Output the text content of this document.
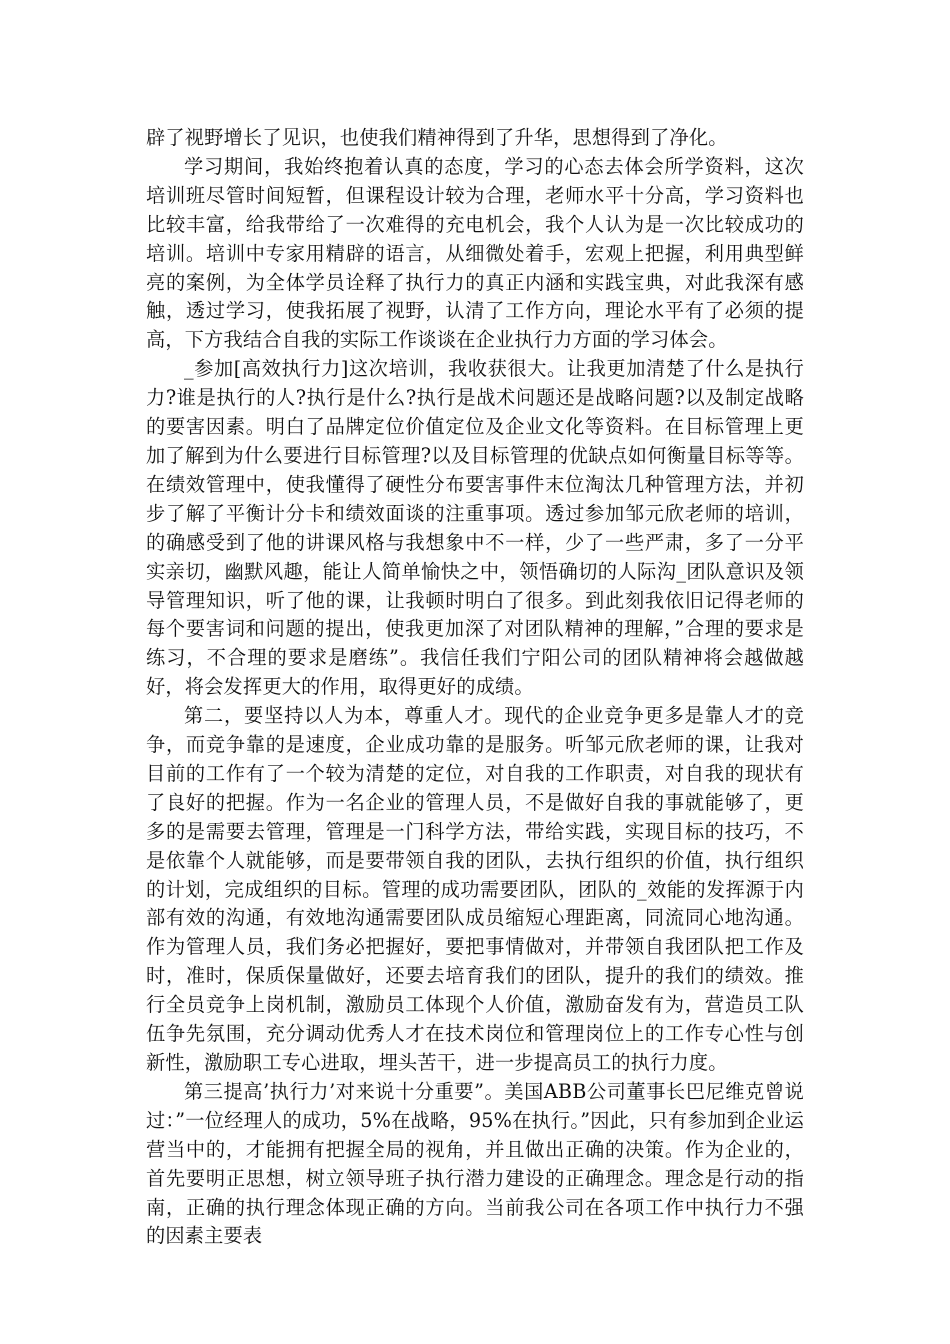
辟了视野增长了见识，也使我们精神得到了升华，思想得到了净化。

学习期间，我始终抱着认真的态度，学习的心态去体会所学资料，这次培训班尽管时间短暂，但课程设计较为合理，老师水平十分高，学习资料也比较丰富，给我带给了一次难得的充电机会，我个人认为是一次比较成功的培训。培训中专家用精辟的语言，从细微处着手，宏观上把握，利用典型鲜亮的案例，为全体学员诠释了执行力的真正内涵和实践宝典，对此我深有感触，透过学习，使我拓展了视野，认清了工作方向，理论水平有了必须的提高，下方我结合自我的实际工作谈谈在企业执行力方面的学习体会。

_参加[高效执行力]这次培训，我收获很大。让我更加清楚了什么是执行力?谁是执行的人?执行是什么?执行是战术问题还是战略问题?以及制定战略的要害因素。明白了品牌定位价值定位及企业文化等资料。在目标管理上更加了解到为什么要进行目标管理?以及目标管理的优缺点如何衡量目标等等。在绩效管理中，使我懂得了硬性分布要害事件末位淘汰几种管理方法，并初步了解了平衡计分卡和绩效面谈的注重事项。透过参加邹元欣老师的培训，的确感受到了他的讲课风格与我想象中不一样，少了一些严肃，多了一分平实亲切，幽默风趣，能让人简单愉快之中，领悟确切的人际沟_团队意识及领导管理知识，听了他的课，让我顿时明白了很多。到此刻我依旧记得老师的每个要害词和问题的提出，使我更加深了对团队精神的理解，”合理的要求是练习，不合理的要求是磨练”。我信任我们宁阳公司的团队精神将会越做越好，将会发挥更大的作用，取得更好的成绩。

第二，要坚持以人为本，尊重人才。现代的企业竞争更多是靠人才的竞争，而竞争靠的是速度，企业成功靠的是服务。听邹元欣老师的课，让我对目前的工作有了一个较为清楚的定位，对自我的工作职责，对自我的现状有了良好的把握。作为一名企业的管理人员，不是做好自我的事就能够了，更多的是需要去管理，管理是一门科学方法，带给实践，实现目标的技巧，不是依靠个人就能够，而是要带领自我的团队，去执行组织的价值，执行组织的计划，完成组织的目标。管理的成功需要团队，团队的_效能的发挥源于内部有效的沟通，有效地沟通需要团队成员缩短心理距离，同流同心地沟通。作为管理人员，我们务必把握好，要把事情做对，并带领自我团队把工作及时，准时，保质保量做好，还要去培育我们的团队，提升的我们的绩效。推行全员竞争上岗机制，激励员工体现个人价值，激励奋发有为，营造员工队伍争先氛围，充分调动优秀人才在技术岗位和管理岗位上的工作专心性与创新性，激励职工专心进取，埋头苦干，进一步提高员工的执行力度。

第三提高’执行力’对来说十分重要”。美国ABB公司董事长巴尼维克曾说过：”一位经理人的成功，5%在战略，95%在执行。”因此，只有参加到企业运营当中的，才能拥有把握全局的视角，并且做出正确的决策。作为企业的，首先要明正思想，树立领导班子执行潜力建设的正确理念。理念是行动的指南，正确的执行理念体现正确的方向。当前我公司在各项工作中执行力不强的因素主要表
